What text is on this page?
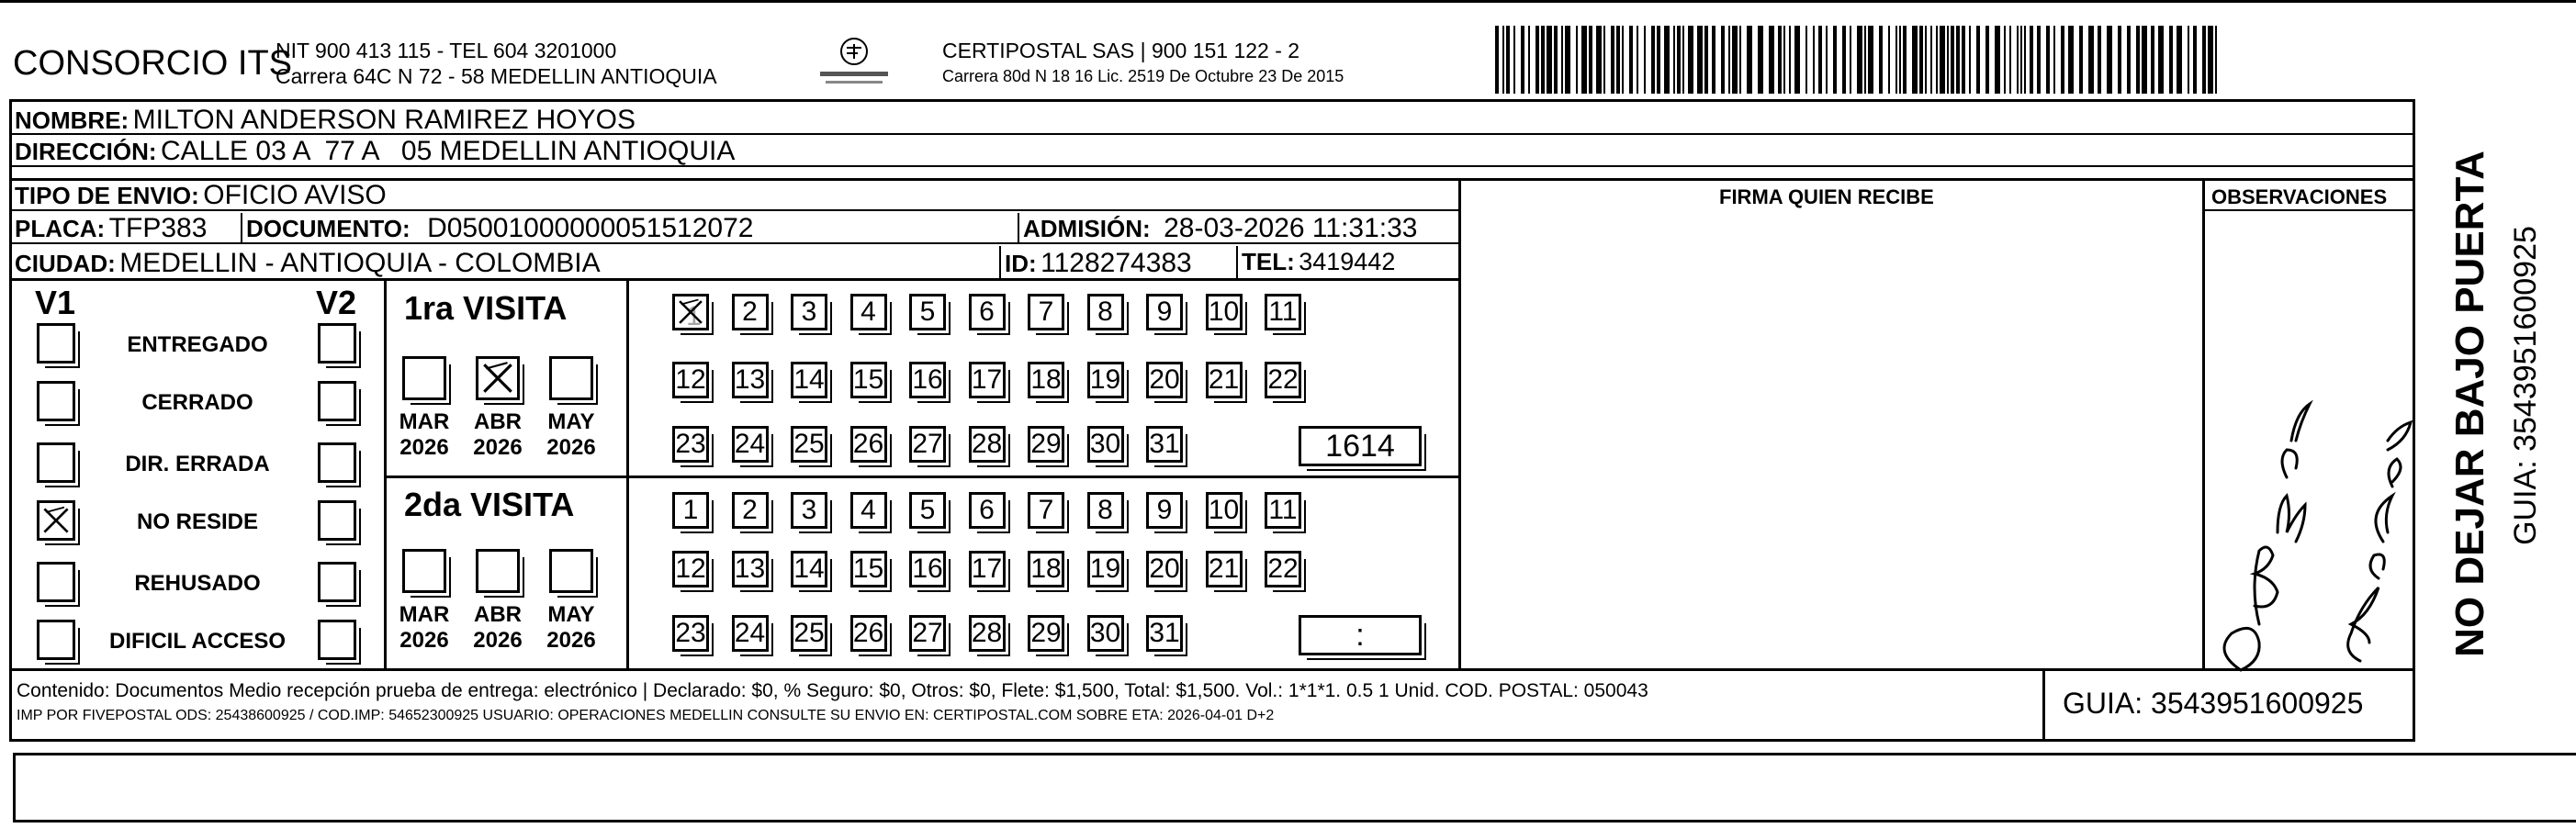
CONSORCIO ITS
NIT 900 413 115 - TEL 604 3201000
Carrera 64C N 72 - 58 MEDELLIN ANTIOQUIA
CERTIPOSTAL SAS | 900 151 122 - 2
Carrera 80d N 18 16 Lic. 2519 De Octubre 23 De 2015
NOMBRE: MILTON ANDERSON RAMIREZ HOYOS
DIRECCIÓN: CALLE 03 A  77 A   05 MEDELLIN ANTIOQUIA
TIPO DE ENVIO: OFICIO AVISO	FIRMA QUIEN RECIBE	OBSERVACIONES
PLACA: TFP383 DOCUMENTO: D05001000000051512072	ADMISIÓN: 28-03-2026 11:31:33
CIUDAD: MEDELLIN - ANTIOQUIA - COLOMBIA	ID: 1128274383 TEL: 3419442
V1	V2
ENTREGADO
CERRADO
DIR. ERRADA
NO RESIDE
REHUSADO
DIFICIL ACCESO
1ra VISITA
MAR
2026
ABR
2026
MAY
2026
1	2	3	4	5	6	7	8	9	10 11
12 13 14 15 16 17 18 19 20 21 22
23 24 25 26 27 28 29 30 31	1614
2da VISITA
MAR
2026
ABR
2026
MAY
2026
1	2	3	4	5	6	7	8	9	10 11
12 13 14 15 16 17 18 19 20 21 22
23 24 25 26 27 28 29 30 31	:
Contenido: Documentos Medio recepción prueba de entrega: electrónico | Declarado: $0, % Seguro: $0, Otros: $0, Flete: $1,500, Total: $1,500. Vol.: 1*1*1. 0.5 1 Unid. COD. POSTAL: 050043
IMP POR FIVEPOSTAL ODS: 25438600925 / COD.IMP: 54652300925 USUARIO: OPERACIONES MEDELLIN CONSULTE SU ENVIO EN: CERTIPOSTAL.COM SOBRE ETA: 2026-04-01 D+2	GUIA: 3543951600925
NO DEJAR BAJO PUERTA GUIA: 3543951600925
